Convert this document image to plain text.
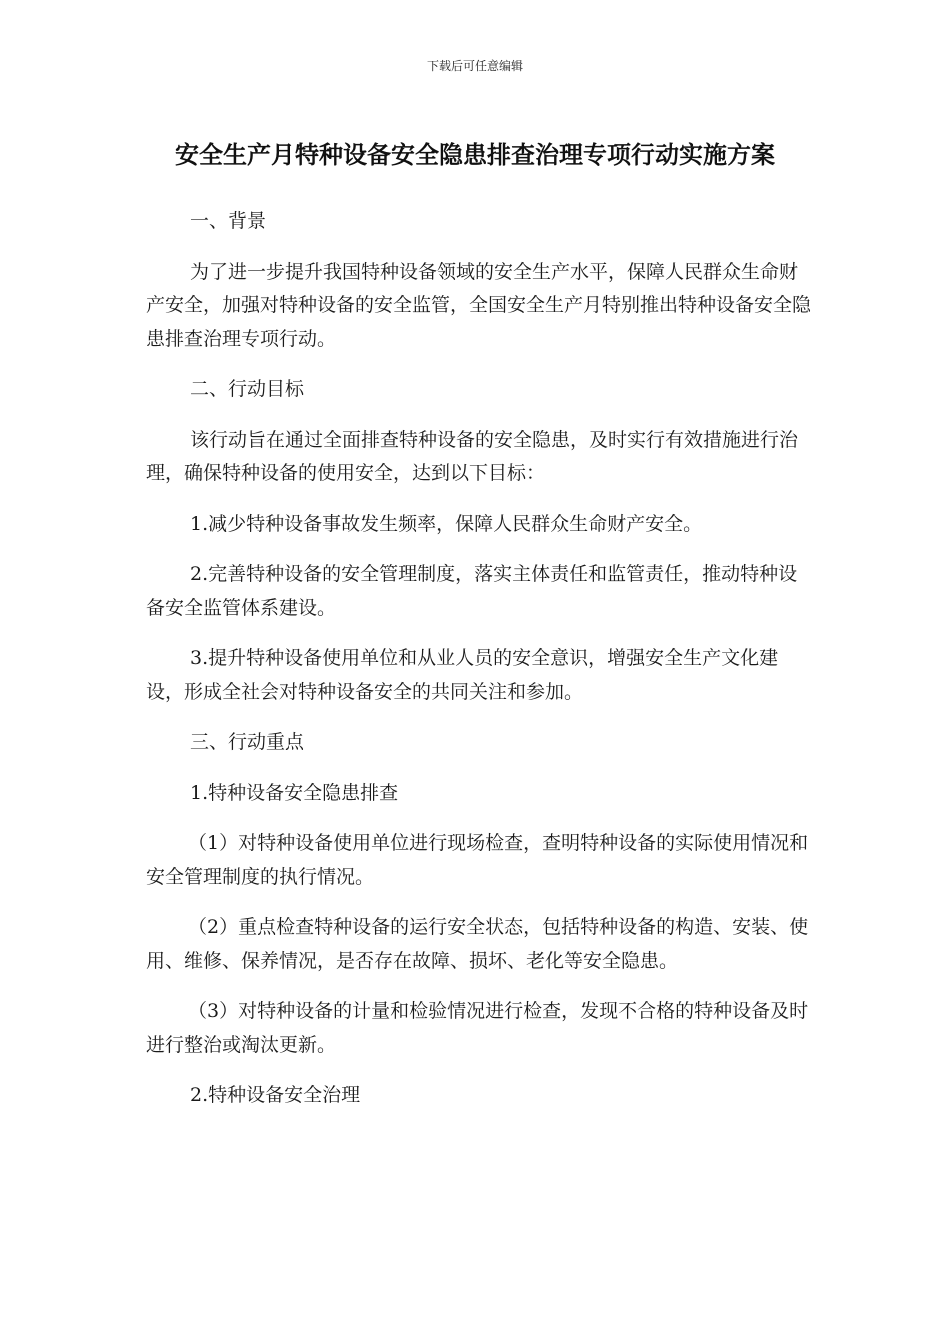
下载后可任意编辑
安全生产月特种设备安全隐患排查治理专项行动实施方案

一、背景

为了进一步提升我国特种设备领域的安全生产水平，保障人民群众生命财产安全，加强对特种设备的安全监管，全国安全生产月特别推出特种设备安全隐患排查治理专项行动。

二、行动目标

该行动旨在通过全面排查特种设备的安全隐患，及时实行有效措施进行治理，确保特种设备的使用安全，达到以下目标：

1.减少特种设备事故发生频率，保障人民群众生命财产安全。

2.完善特种设备的安全管理制度，落实主体责任和监管责任，推动特种设备安全监管体系建设。

3.提升特种设备使用单位和从业人员的安全意识，增强安全生产文化建设，形成全社会对特种设备安全的共同关注和参加。

三、行动重点

1.特种设备安全隐患排查

（1）对特种设备使用单位进行现场检查，查明特种设备的实际使用情况和安全管理制度的执行情况。

（2）重点检查特种设备的运行安全状态，包括特种设备的构造、安装、使用、维修、保养情况，是否存在故障、损坏、老化等安全隐患。

（3）对特种设备的计量和检验情况进行检查，发现不合格的特种设备及时进行整治或淘汰更新。

2.特种设备安全治理
